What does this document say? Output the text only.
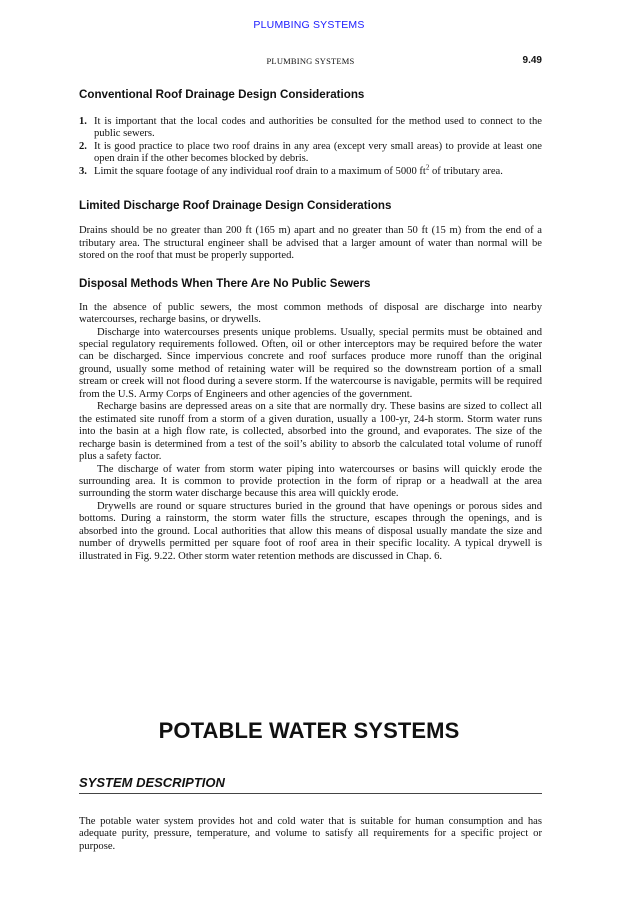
PLUMBING SYSTEMS
PLUMBING SYSTEMS	9.49
Conventional Roof Drainage Design Considerations
1. It is important that the local codes and authorities be consulted for the method used to connect to the public sewers.
2. It is good practice to place two roof drains in any area (except very small areas) to provide at least one open drain if the other becomes blocked by debris.
3. Limit the square footage of any individual roof drain to a maximum of 5000 $ft^2$ of tributary area.
Limited Discharge Roof Drainage Design Considerations

Drains should be no greater than 200 ft (165 m) apart and no greater than 50 ft (15 m) from the end of a tributary area. The structural engineer shall be advised that a larger amount of water than normal will be stored on the roof that must be properly supported.

Disposal Methods When There Are No Public Sewers

In the absence of public sewers, the most common methods of disposal are discharge into nearby watercourses, recharge basins, or drywells.

Discharge into watercourses presents unique problems. Usually, special permits must be obtained and special regulatory requirements followed. Often, oil or other interceptors may be required before the water can be discharged. Since impervious concrete and roof surfaces produce more runoff than the original ground, usually some method of retaining water will be required so the downstream portion of a small stream or creek will not flood during a severe storm. If the watercourse is navigable, permits will be required from the U.S. Army Corps of Engineers and other agencies of the government.

Recharge basins are depressed areas on a site that are normally dry. These basins are sized to collect all the estimated site runoff from a storm of a given duration, usually a 100-yr, 24-h storm. Storm water runs into the basin at a high flow rate, is collected, absorbed into the ground, and evaporates. The size of the recharge basin is determined from a test of the soil’s ability to absorb the calculated total volume of runoff plus a safety factor.

The discharge of water from storm water piping into watercourses or basins will quickly erode the surrounding area. It is common to provide protection in the form of riprap or a headwall at the area surrounding the storm water discharge because this area will quickly erode.

Drywells are round or square structures buried in the ground that have openings or porous sides and bottoms. During a rainstorm, the storm water fills the structure, escapes through the openings, and is absorbed into the ground. Local authorities that allow this means of disposal usually mandate the size and number of drywells permitted per square foot of roof area in their specific locality. A typical drywell is illustrated in Fig. 9.22. Other storm water retention methods are discussed in Chap. 6.

POTABLE WATER SYSTEMS
SYSTEM DESCRIPTION

The potable water system provides hot and cold water that is suitable for human consumption and has adequate purity, pressure, temperature, and volume to satisfy all requirements for a specific project or purpose.
